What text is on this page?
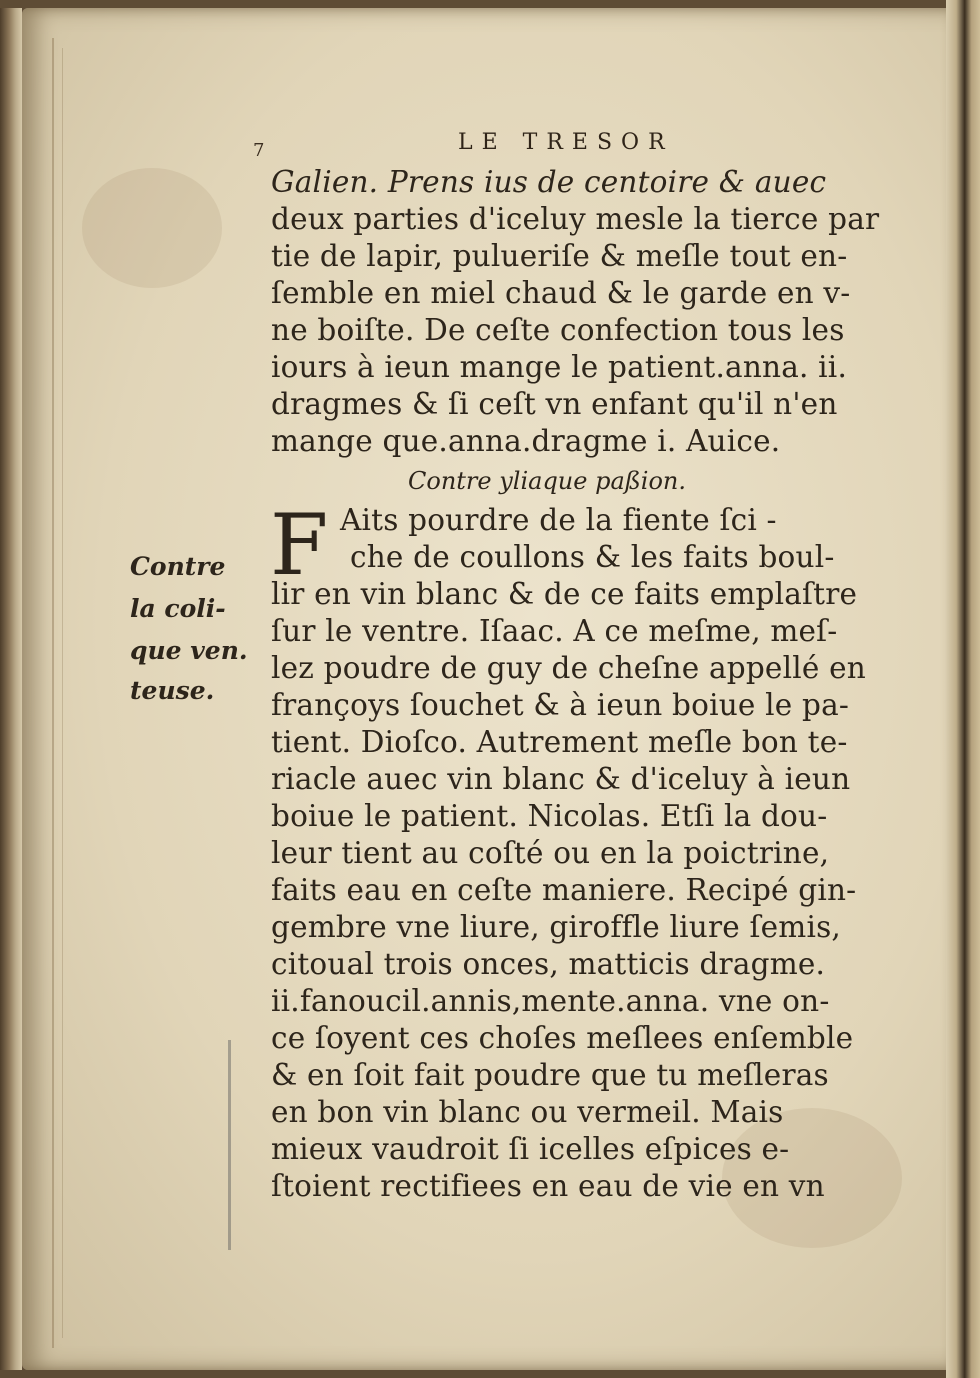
7	LE TRESOR
Galien. Prens ius de centoire & auec
deux parties d'iceluy mesle la tierce par
tie de lapir, pulueriſe & meſle tout en-
ſemble en miel chaud & le garde en v-
ne boiſte. De ceſte confection tous les
iours à ieun mange le patient.anna. ii.
dragmes & ſi ceſt vn enfant qu'il n'en
mange que.anna.dragme i. Auice.
Contre yliaque paßion.
F Aits pourdre de la fiente ſci -
che de coullons & les faits boul-
lir en vin blanc & de ce faits emplaſtre
ſur le ventre. Iſaac. A ce meſme, meſ-
lez poudre de guy de cheſne appellé en
françoys ſouchet & à ieun boiue le pa-
tient. Dioſco. Autrement meſle bon te-
riacle auec vin blanc & d'iceluy à ieun
boiue le patient. Nicolas. Etſi la dou-
leur tient au coſté ou en la poictrine,
faits eau en ceſte maniere. Recipé gin-
gembre vne liure, giroffle liure ſemis,
citoual trois onces, matticis dragme.
ii.fanoucil.annis,mente.anna. vne on-
ce ſoyent ces choſes meſlees enſemble
& en ſoit fait poudre que tu meſleras
en bon vin blanc ou vermeil. Mais
mieux vaudroit ſi icelles eſpices e-
ſtoient rectifiees en eau de vie en vn
Contre
la coli-
que ven.
teuse.
